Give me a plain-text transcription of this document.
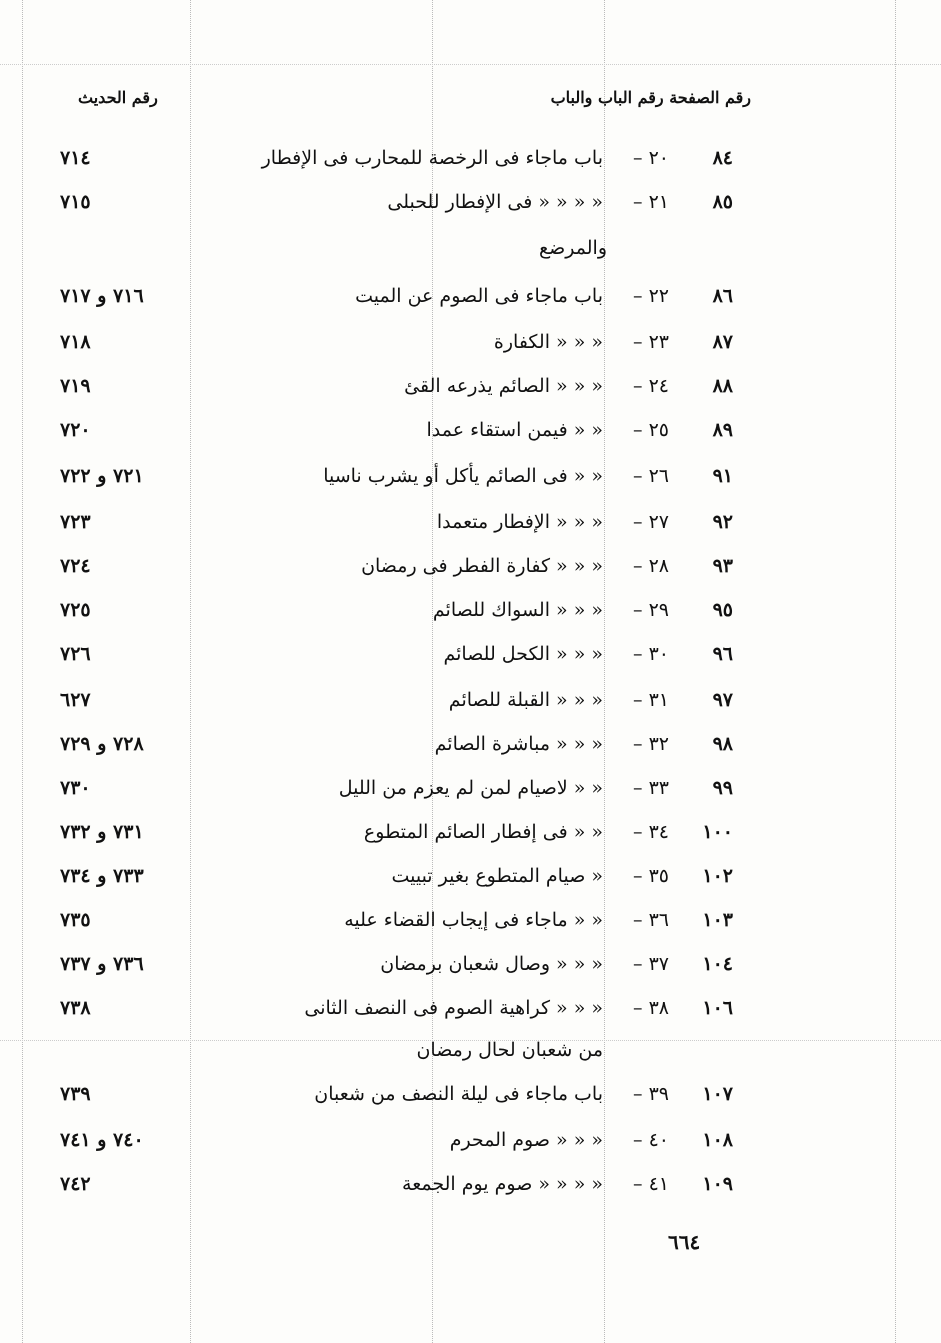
رقم الحديث	رقم الصفحة رقم الباب والباب
٨٤
٢٠ –
باب ماجاء فى الرخصة للمحارب فى الإفطار
٧١٤
٨٥
٢١ –
« « « « فى الإفطار للحبلى
٧١٥
٨٦
٢٢ –
باب ماجاء فى الصوم عن الميت
٧١٦ و ٧١٧
٨٧
٢٣ –
« « « الكفارة
٧١٨
٨٨
٢٤ –
« « « الصائم يذرعه القئ
٧١٩
٨٩
٢٥ –
« « فيمن استقاء عمدا
٧٢٠
٩١
٢٦ –
« « فى الصائم يأكل أو يشرب ناسيا
٧٢١ و ٧٢٢
٩٢
٢٧ –
« « « الإفطار متعمدا
٧٢٣
٩٣
٢٨ –
« « « كفارة الفطر فى رمضان
٧٢٤
٩٥
٢٩ –
« « « السواك للصائم
٧٢٥
٩٦
٣٠ –
« « « الكحل للصائم
٧٢٦
٩٧
٣١ –
« « « القبلة للصائم
٦٢٧
٩٨
٣٢ –
« « « مباشرة الصائم
٧٢٨ و ٧٢٩
٩٩
٣٣ –
« « لاصيام لمن لم يعزم من الليل
٧٣٠
١٠٠
٣٤ –
« « فى إفطار الصائم المتطوع
٧٣١ و ٧٣٢
١٠٢
٣٥ –
« صيام المتطوع بغير تبييت
٧٣٣ و ٧٣٤
١٠٣
٣٦ –
« « ماجاء فى إيجاب القضاء عليه
٧٣٥
١٠٤
٣٧ –
« « « وصال شعبان برمضان
٧٣٦ و ٧٣٧
١٠٦
٣٨ –
« « « كراهية الصوم فى النصف الثانى
٧٣٨
١٠٧
٣٩ –
باب ماجاء فى ليلة النصف من شعبان
٧٣٩
١٠٨
٤٠ –
« « « صوم المحرم
٧٤٠ و ٧٤١
١٠٩
٤١ –
« « « « صوم يوم الجمعة
٧٤٢
والمرضع
من شعبان لحال رمضان
٦٦٤
